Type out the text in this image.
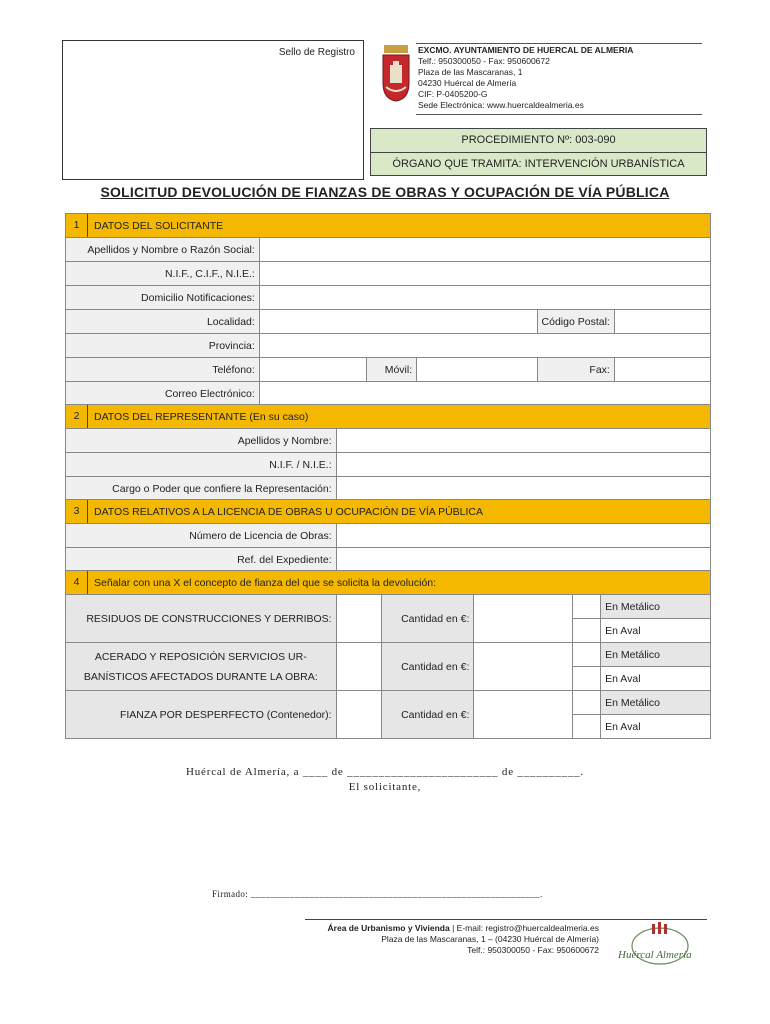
Sello de Registro	EXCMO. AYUNTAMIENTO DE HUERCAL DE ALMERIA
Telf.: 950300050 - Fax: 950600672
Plaza de las Mascaranas, 1
04230 Huércal de Almería
CIF: P-0405200-G
Sede Electrónica: www.huercaldealmeria.es
PROCEDIMIENTO Nº: 003-090
ÓRGANO QUE TRAMITA: INTERVENCIÓN URBANÍSTICA
SOLICITUD DEVOLUCIÓN DE FIANZAS DE OBRAS Y OCUPACIÓN DE VÍA PÚBLICA
1 DATOS DEL SOLICITANTE					

Apellidos y Nombre o Razón Social:					
N.I.F., C.I.F., N.I.E.:					
Domicilio Notificaciones:					
Localidad:				Código Postal:	
Provincia:					
Teléfono:		Móvil:		Fax:	
Correo Electrónico:					
2 DATOS DEL REPRESENTANTE (En su caso)	

Apellidos y Nombre:	
N.I.F. / N.I.E.:	
Cargo o Poder que confiere la Representación:	
3 DATOS RELATIVOS A LA LICENCIA DE OBRAS U OCUPACIÓN DE VÍA PÚBLICA	

Número de Licencia de Obras:	
Ref. del Expediente:	
4 Señalar con una X el concepto de fianza del que se solicita la devolución:					

RESIDUOS DE CONSTRUCCIONES Y DERRIBOS:		Cantidad en €:			En Metálico
					En Aval

ACERADO Y REPOSICIÓN SERVICIOS UR-
BANÍSTICOS AFECTADOS DURANTE LA OBRA:		Cantidad en €:			En Metálico
					En Aval
FIANZA POR DESPERFECTO (Contenedor):		Cantidad en €:			En Metálico
					En Aval
Huércal de Almería, a ____ de ________________________ de __________.
El solicitante,
Firmado: ___________________________________________________________.
Área de Urbanismo y Vivienda | E-mail: registro@huercaldealmeria.es
Plaza de las Mascaranas, 1 – (04230 Huércal de Almería)
Telf.: 950300050 - Fax: 950600672 Huércal Almería
